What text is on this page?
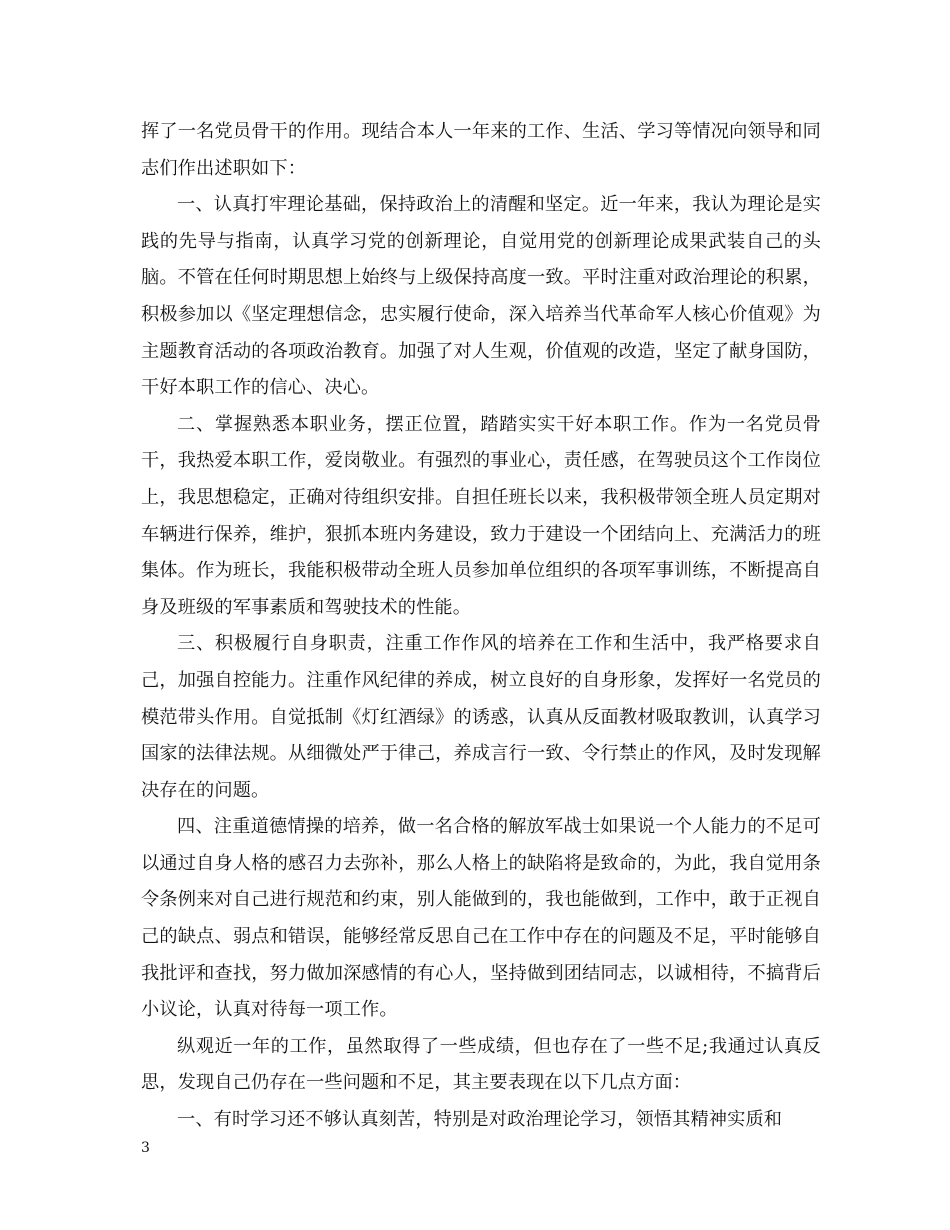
挥了一名党员骨干的作用。现结合本人一年来的工作、生活、学习等情况向领导和同志们作出述职如下：

一、认真打牢理论基础，保持政治上的清醒和坚定。近一年来，我认为理论是实践的先导与指南，认真学习党的创新理论，自觉用党的创新理论成果武装自己的头脑。不管在任何时期思想上始终与上级保持高度一致。平时注重对政治理论的积累，积极参加以《坚定理想信念，忠实履行使命，深入培养当代革命军人核心价值观》为主题教育活动的各项政治教育。加强了对人生观，价值观的改造，坚定了献身国防，干好本职工作的信心、决心。

二、掌握熟悉本职业务，摆正位置，踏踏实实干好本职工作。作为一名党员骨干，我热爱本职工作，爱岗敬业。有强烈的事业心，责任感，在驾驶员这个工作岗位上，我思想稳定，正确对待组织安排。自担任班长以来，我积极带领全班人员定期对车辆进行保养，维护，狠抓本班内务建设，致力于建设一个团结向上、充满活力的班集体。作为班长，我能积极带动全班人员参加单位组织的各项军事训练，不断提高自身及班级的军事素质和驾驶技术的性能。

三、积极履行自身职责，注重工作作风的培养在工作和生活中，我严格要求自己，加强自控能力。注重作风纪律的养成，树立良好的自身形象，发挥好一名党员的模范带头作用。自觉抵制《灯红酒绿》的诱惑，认真从反面教材吸取教训，认真学习国家的法律法规。从细微处严于律己，养成言行一致、令行禁止的作风，及时发现解决存在的问题。

四、注重道德情操的培养，做一名合格的解放军战士如果说一个人能力的不足可以通过自身人格的感召力去弥补，那么人格上的缺陷将是致命的，为此，我自觉用条令条例来对自己进行规范和约束，别人能做到的，我也能做到，工作中，敢于正视自己的缺点、弱点和错误，能够经常反思自己在工作中存在的问题及不足，平时能够自我批评和查找，努力做加深感情的有心人，坚持做到团结同志，以诚相待，不搞背后小议论，认真对待每一项工作。

纵观近一年的工作，虽然取得了一些成绩，但也存在了一些不足;我通过认真反思，发现自己仍存在一些问题和不足，其主要表现在以下几点方面：

一、有时学习还不够认真刻苦，特别是对政治理论学习，领悟其精神实质和

3
